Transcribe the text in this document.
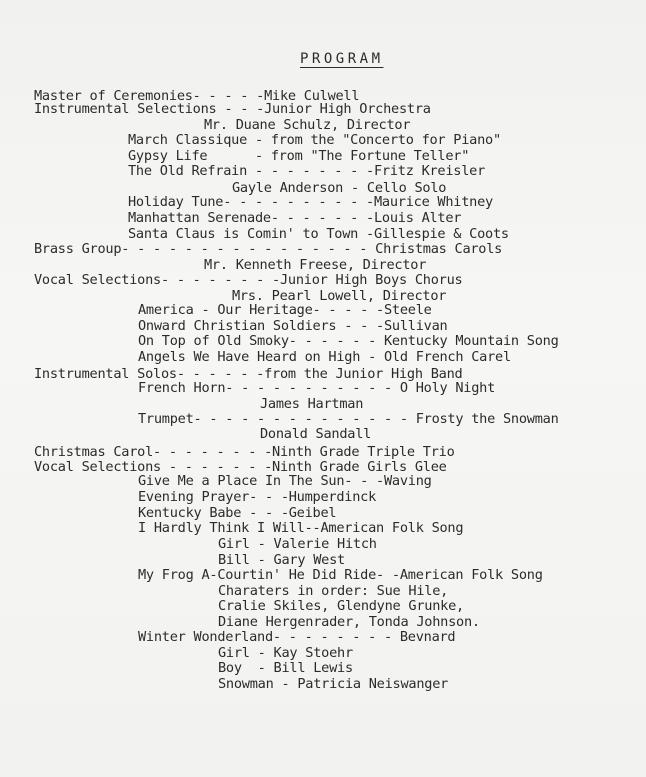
PROGRAM
Master of Ceremonies- - - - -Mike Culwell
Instrumental Selections - - -Junior High Orchestra
Mr. Duane Schulz, Director
March Classique - from the "Concerto for Piano"
Gypsy Life      - from "The Fortune Teller"
The Old Refrain - - - - - - - -Fritz Kreisler
Gayle Anderson - Cello Solo
Holiday Tune- - - - - - - - - -Maurice Whitney
Manhattan Serenade- - - - - - -Louis Alter
Santa Claus is Comin' to Town -Gillespie & Coots
Brass Group- - - - - - - - - - - - - - - - Christmas Carols
Mr. Kenneth Freese, Director
Vocal Selections- - - - - - - -Junior High Boys Chorus
Mrs. Pearl Lowell, Director
America - Our Heritage- - - - -Steele
Onward Christian Soldiers - - -Sullivan
On Top of Old Smoky- - - - - - Kentucky Mountain Song
Angels We Have Heard on High - Old French Carel
Instrumental Solos- - - - - -from the Junior High Band
French Horn- - - - - - - - - - - O Holy Night
James Hartman
Trumpet- - - - - - - - - - - - - - Frosty the Snowman
Donald Sandall
Christmas Carol- - - - - - - -Ninth Grade Triple Trio
Vocal Selections - - - - - - -Ninth Grade Girls Glee
Give Me a Place In The Sun- - -Waving
Evening Prayer- - -Humperdinck
Kentucky Babe - - -Geibel
I Hardly Think I Will--American Folk Song
Girl - Valerie Hitch
Bill - Gary West
My Frog A-Courtin' He Did Ride- -American Folk Song
Charaters in order: Sue Hile,
Cralie Skiles, Glendyne Grunke,
Diane Hergenrader, Tonda Johnson.
Winter Wonderland- - - - - - - - Bevnard
Girl - Kay Stoehr
Boy  - Bill Lewis
Snowman - Patricia Neiswanger
